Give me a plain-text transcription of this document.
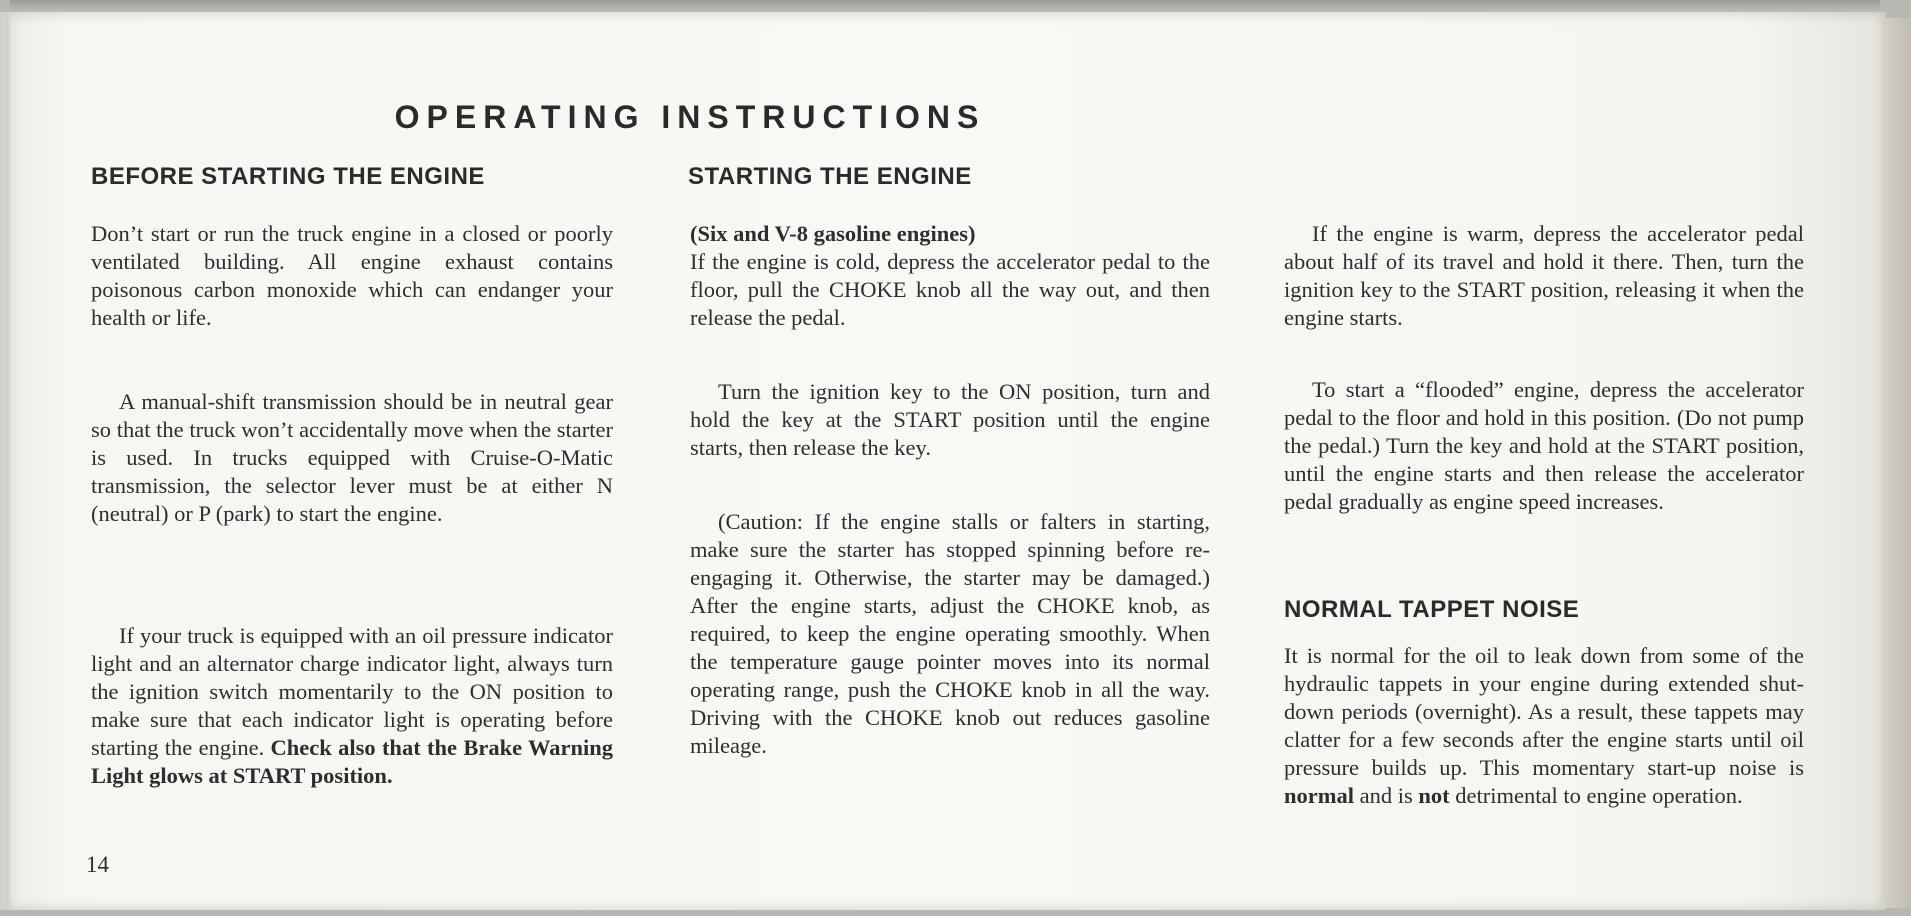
OPERATING INSTRUCTIONS
BEFORE STARTING THE ENGINE

Don’t start or run the truck engine in a closed or poorly ventilated building. All engine exhaust contains poisonous carbon monoxide which can endanger your health or life.

A manual-shift transmission should be in neutral gear so that the truck won’t accidentally move when the starter is used. In trucks equipped with Cruise-O-Matic transmission, the selector lever must be at either N (neutral) or P (park) to start the engine.

If your truck is equipped with an oil pressure indicator light and an alternator charge indicator light, always turn the ignition switch momentarily to the ON position to make sure that each indicator light is operating before starting the engine. Check also that the Brake Warning Light glows at START position.

STARTING THE ENGINE
(Six and V-8 gasoline engines)

If the engine is cold, depress the accelerator pedal to the floor, pull the CHOKE knob all the way out, and then release the pedal.

Turn the ignition key to the ON position, turn and hold the key at the START position until the engine starts, then release the key.

(Caution: If the engine stalls or falters in starting, make sure the starter has stopped spinning before re-engaging it. Otherwise, the starter may be damaged.) After the engine starts, adjust the CHOKE knob, as required, to keep the engine operating smoothly. When the temperature gauge pointer moves into its normal operating range, push the CHOKE knob in all the way. Driving with the CHOKE knob out reduces gasoline mileage.

If the engine is warm, depress the accelerator pedal about half of its travel and hold it there. Then, turn the ignition key to the START position, releasing it when the engine starts.

To start a “flooded” engine, depress the accelerator pedal to the floor and hold in this position. (Do not pump the pedal.) Turn the key and hold at the START position, until the engine starts and then release the accelerator pedal gradually as engine speed increases.

NORMAL TAPPET NOISE

It is normal for the oil to leak down from some of the hydraulic tappets in your engine during extended shut-down periods (overnight). As a result, these tappets may clatter for a few seconds after the engine starts until oil pressure builds up. This momentary start-up noise is normal and is not detrimental to engine operation.

14
